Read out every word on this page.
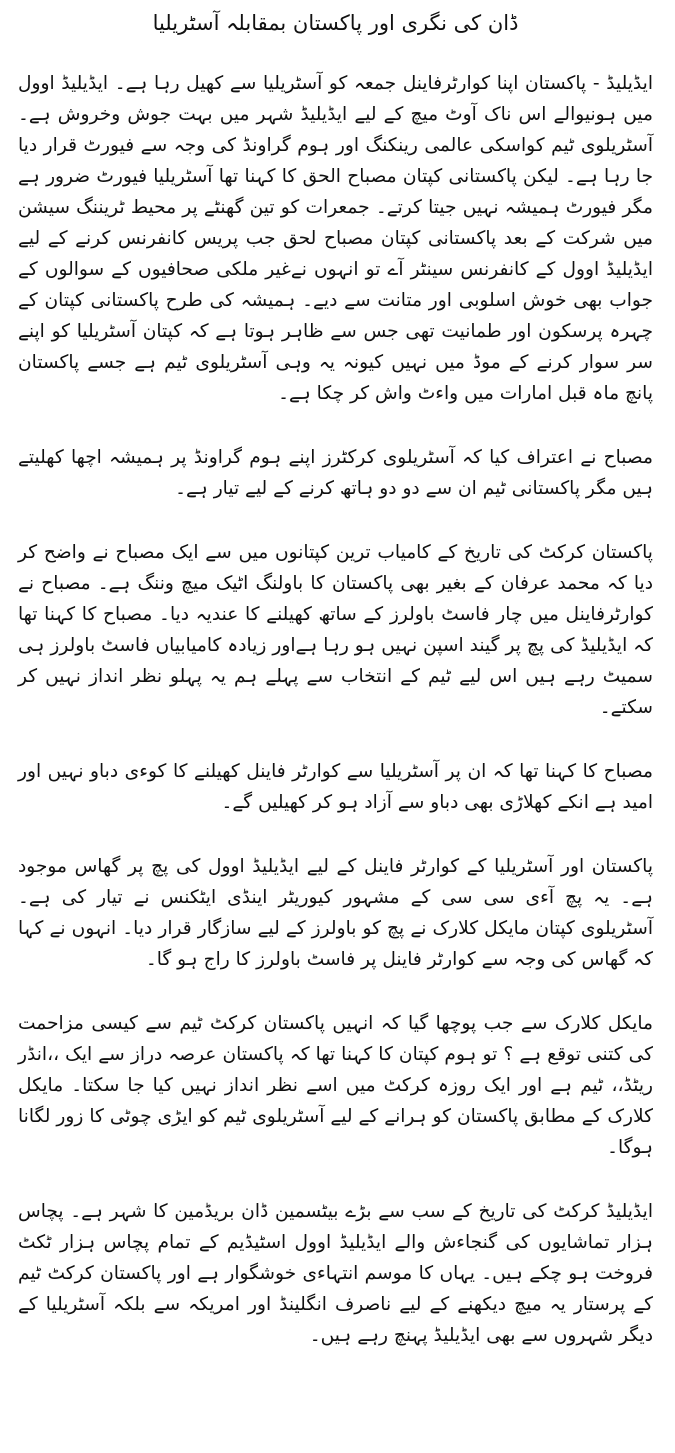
ڈان کی نگری اور پاکستان بمقابلہ آسٹریلیا

ایڈیلیڈ - پاکستان اپنا کوارٹرفاینل جمعہ کو آسٹریلیا سے کھیل رہا ہے۔ ایڈیلیڈ اوول میں ہونیوالے اس ناک آوٹ میچ کے لیے ایڈیلیڈ شہر میں بہت جوش وخروش ہے۔ آسٹریلوی ٹیم کواسکی عالمی رینکنگ اور ہوم گراونڈ کی وجہ سے فیورٹ قرار دیا جا رہا ہے۔ لیکن پاکستانی کپتان مصباح الحق کا کہنا تھا آسٹریلیا فیورٹ ضرور ہے مگر فیورٹ ہمیشہ نہیں جیتا کرتے۔ جمعرات کو تین گھنٹے پر محیط ٹریننگ سیشن میں شرکت کے بعد پاکستانی کپتان مصباح لحق جب پریس کانفرنس کرنے کے لیے ایڈیلیڈ اوول کے کانفرنس سینٹر آے تو انہوں نےغیر ملکی صحافیوں کے سوالوں کے جواب بھی خوش اسلوبی اور متانت سے دیے۔ ہمیشہ کی طرح پاکستانی کپتان کے چہرہ پرسکون اور طمانیت تھی جس سے ظاہر ہوتا ہے کہ کپتان آسٹریلیا کو اپنے سر سوار کرنے کے موڈ میں نہیں کیونہ یہ وہی آسٹریلوی ٹیم ہے جسے پاکستان پانچ ماہ قبل امارات میں واءٹ واش کر چکا ہے۔

مصباح نے اعتراف کیا کہ آسٹریلوی کرکٹرز اپنے ہوم گراونڈ پر ہمیشہ اچھا کھلیتے ہیں مگر پاکستانی ٹیم ان سے دو دو ہاتھ کرنے کے لیے تیار ہے۔

پاکستان کرکٹ کی تاریخ کے کامیاب ترین کپتانوں میں سے ایک مصباح نے واضح کر دیا کہ محمد عرفان کے بغیر بھی پاکستان کا باولنگ اٹیک میچ وننگ ہے۔ مصباح نے کوارٹرفاینل میں چار فاسٹ باولرز کے ساتھ کھیلنے کا عندیہ دیا۔ مصباح کا کہنا تھا کہ ایڈیلیڈ کی پچ پر گیند اسپن نہیں ہو رہا ہےاور زیادہ کامیابیاں فاسٹ باولرز ہی سمیٹ رہے ہیں اس لیے ٹیم کے انتخاب سے پہلے ہم یہ پہلو نظر انداز نہیں کر سکتے۔

مصباح کا کہنا تھا کہ ان پر آسٹریلیا سے کوارٹر فاینل کھیلنے کا کوءی دباو نہیں اور امید ہے انکے کھلاڑی بھی دباو سے آزاد ہو کر کھیلیں گے۔

پاکستان اور آسٹریلیا کے کوارٹر فاینل کے لیے ایڈیلیڈ اوول کی پچ پر گھاس موجود ہے۔ یہ پچ آءی سی سی کے مشہور کیوریٹر اینڈی ایٹکنس نے تیار کی ہے۔ آسٹریلوی کپتان مایکل کلارک نے پچ کو باولرز کے لیے سازگار قرار دیا۔ انہوں نے کہا کہ گھاس کی وجہ سے کوارٹر فاینل پر فاسٹ باولرز کا راج ہو گا۔

مایکل کلارک سے جب پوچھا گیا کہ انہیں پاکستان کرکٹ ٹیم سے کیسی مزاحمت کی کتنی توقع ہے ؟ تو ہوم کپتان کا کہنا تھا کہ پاکستان عرصہ دراز سے ایک ،،انڈر ریٹڈ،، ٹیم ہے اور ایک روزہ کرکٹ میں اسے نظر انداز نہیں کیا جا سکتا۔ مایکل کلارک کے مطابق پاکستان کو ہرانے کے لیے آسٹریلوی ٹیم کو ایڑی چوٹی کا زور لگانا ہوگا۔

ایڈیلیڈ کرکٹ کی تاریخ کے سب سے بڑے بیٹسمین ڈان بریڈمین کا شہر ہے۔ پچاس ہزار تماشایوں کی گنجاءش والے ایڈیلیڈ اوول اسٹیڈیم کے تمام پچاس ہزار ٹکٹ فروخت ہو چکے ہیں۔ یہاں کا موسم انتہاءی خوشگوار ہے اور پاکستان کرکٹ ٹیم کے پرستار یہ میچ دیکھنے کے لیے ناصرف انگلینڈ اور امریکہ سے بلکہ آسٹریلیا کے دیگر شہروں سے بھی ایڈیلیڈ پہنچ رہے ہیں۔
